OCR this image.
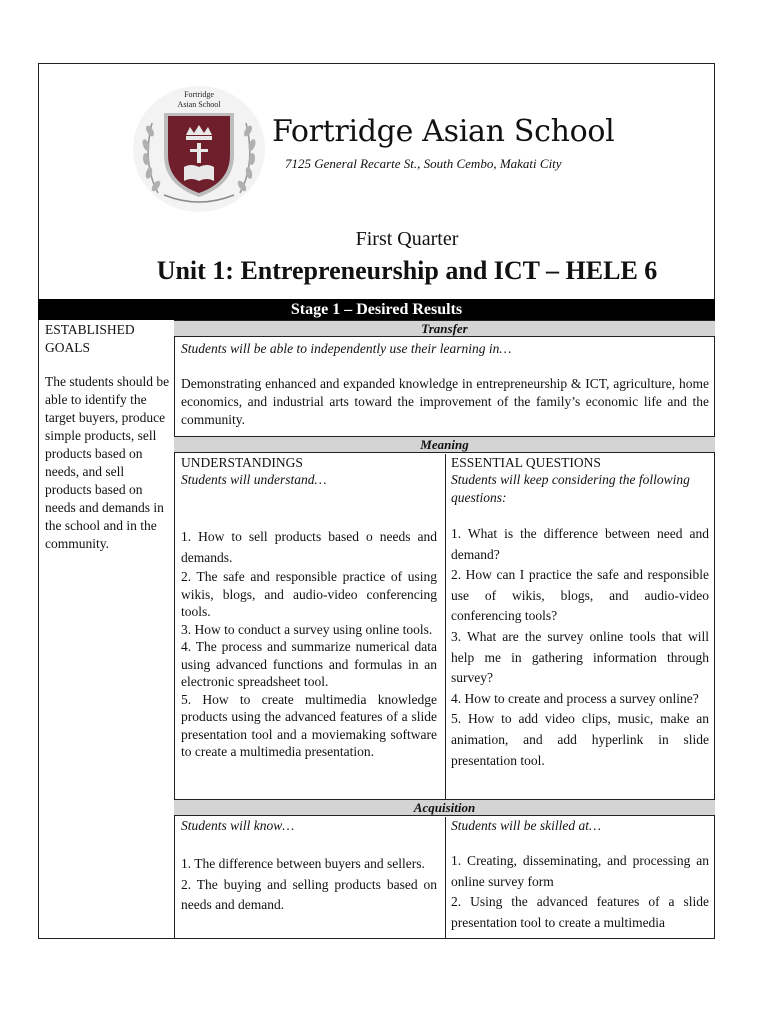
Fortridge
Asian School
Fortridge Asian School
7125 General Recarte St., South Cembo, Makati City
First Quarter
Unit 1: Entrepreneurship and ICT – HELE 6
Stage 1 – Desired Results
Transfer
Meaning
Acquisition
ESTABLISHED
GOALS
The students should be able to identify the target buyers, produce simple products, sell products based on needs, and sell products based on needs and demands in the school and in the community.
Students will be able to independently use their learning in…
Demonstrating enhanced and expanded knowledge in entrepreneurship & ICT, agriculture, home economics, and industrial arts toward the improvement of the family’s economic life and the community.
UNDERSTANDINGS
Students will understand…
1. How to sell products based o needs and demands.
2. The safe and responsible practice of using wikis, blogs, and audio-video conferencing tools.
3. How to conduct a survey using online tools.
4. The process and summarize numerical data using advanced functions and formulas in an electronic spreadsheet tool.
5. How to create multimedia knowledge products using the advanced features of a slide presentation tool and a moviemaking software to create a multimedia presentation.
ESSENTIAL QUESTIONS
Students will keep considering the following questions:
1. What is the difference between need and demand?
2. How can I practice the safe and responsible use of wikis, blogs, and audio-video conferencing tools?
3. What are the survey online tools that will help me in gathering information through survey?
4. How to create and process a survey online?
5. How to add video clips, music, make an animation, and add hyperlink in slide presentation tool.
Students will know…
1. The difference between buyers and sellers.
2. The buying and selling products based on needs and demand.
Students will be skilled at…
1. Creating, disseminating, and processing an online survey form
2. Using the advanced features of a slide presentation tool to create a multimedia
